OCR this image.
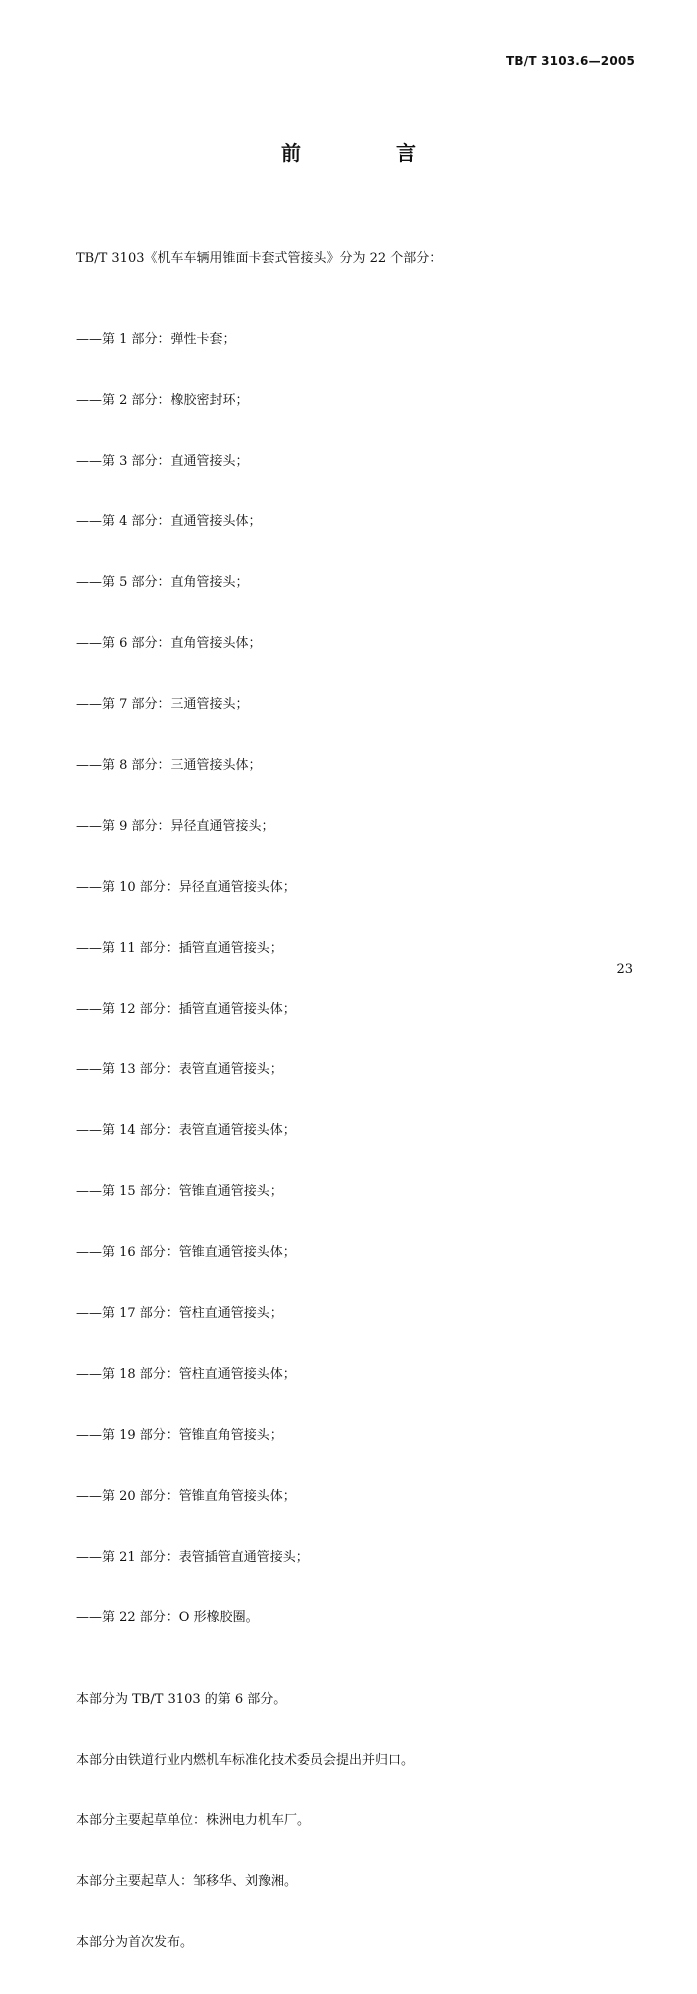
TB/T 3103.6—2005
前 言

TB/T 3103《机车车辆用锥面卡套式管接头》分为 22 个部分：

——第 1 部分：弹性卡套；

——第 2 部分：橡胶密封环；

——第 3 部分：直通管接头；

——第 4 部分：直通管接头体；

——第 5 部分：直角管接头；

——第 6 部分：直角管接头体；

——第 7 部分：三通管接头；

——第 8 部分：三通管接头体；

——第 9 部分：异径直通管接头；

——第 10 部分：异径直通管接头体；

——第 11 部分：插管直通管接头；

——第 12 部分：插管直通管接头体；

——第 13 部分：表管直通管接头；

——第 14 部分：表管直通管接头体；

——第 15 部分：管锥直通管接头；

——第 16 部分：管锥直通管接头体；

——第 17 部分：管柱直通管接头；

——第 18 部分：管柱直通管接头体；

——第 19 部分：管锥直角管接头；

——第 20 部分：管锥直角管接头体；

——第 21 部分：表管插管直通管接头；

——第 22 部分：O 形橡胶圈。

本部分为 TB/T 3103 的第 6 部分。

本部分由铁道行业内燃机车标准化技术委员会提出并归口。

本部分主要起草单位：株洲电力机车厂。

本部分主要起草人：邹移华、刘豫湘。

本部分为首次发布。

23
